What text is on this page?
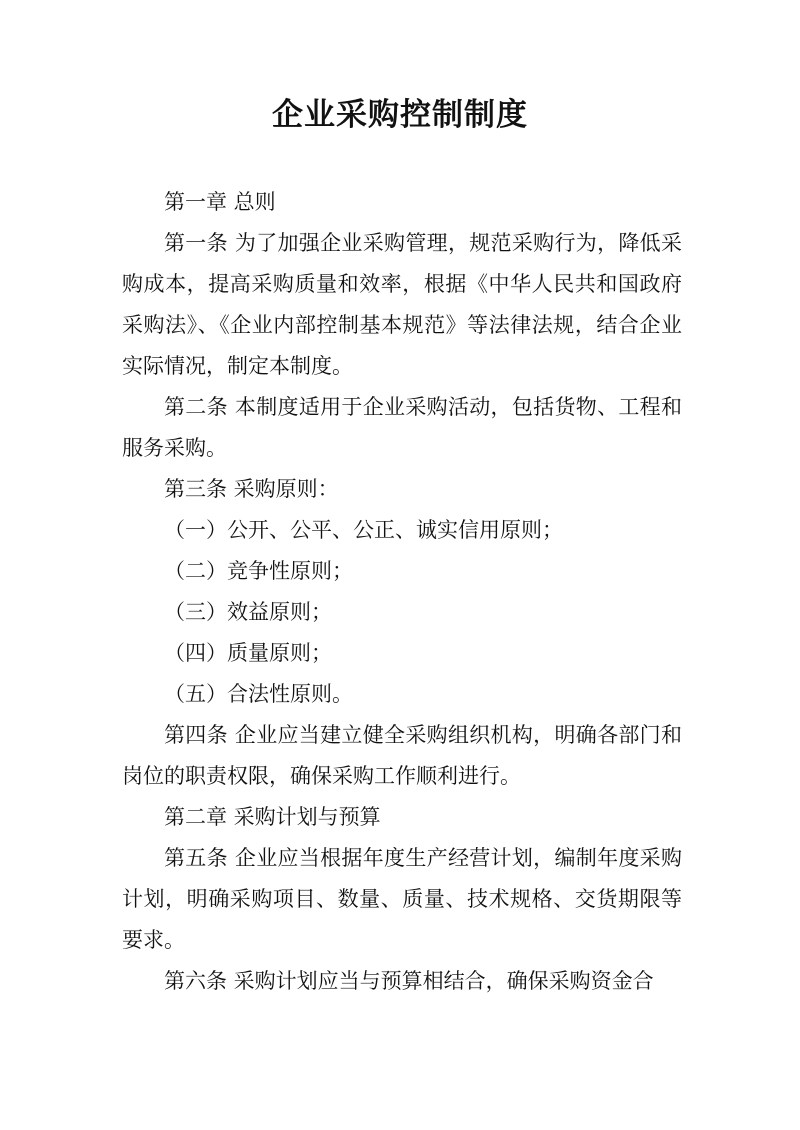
企业采购控制制度

第一章 总则

第一条 为了加强企业采购管理，规范采购行为，降低采购成本，提高采购质量和效率，根据《中华人民共和国政府采购法》、《企业内部控制基本规范》等法律法规，结合企业实际情况，制定本制度。

第二条 本制度适用于企业采购活动，包括货物、工程和服务采购。

第三条 采购原则：

（一）公开、公平、公正、诚实信用原则；

（二）竞争性原则；

（三）效益原则；

（四）质量原则；

（五）合法性原则。

第四条 企业应当建立健全采购组织机构，明确各部门和岗位的职责权限，确保采购工作顺利进行。

第二章 采购计划与预算

第五条 企业应当根据年度生产经营计划，编制年度采购计划，明确采购项目、数量、质量、技术规格、交货期限等要求。

第六条 采购计划应当与预算相结合，确保采购资金合
